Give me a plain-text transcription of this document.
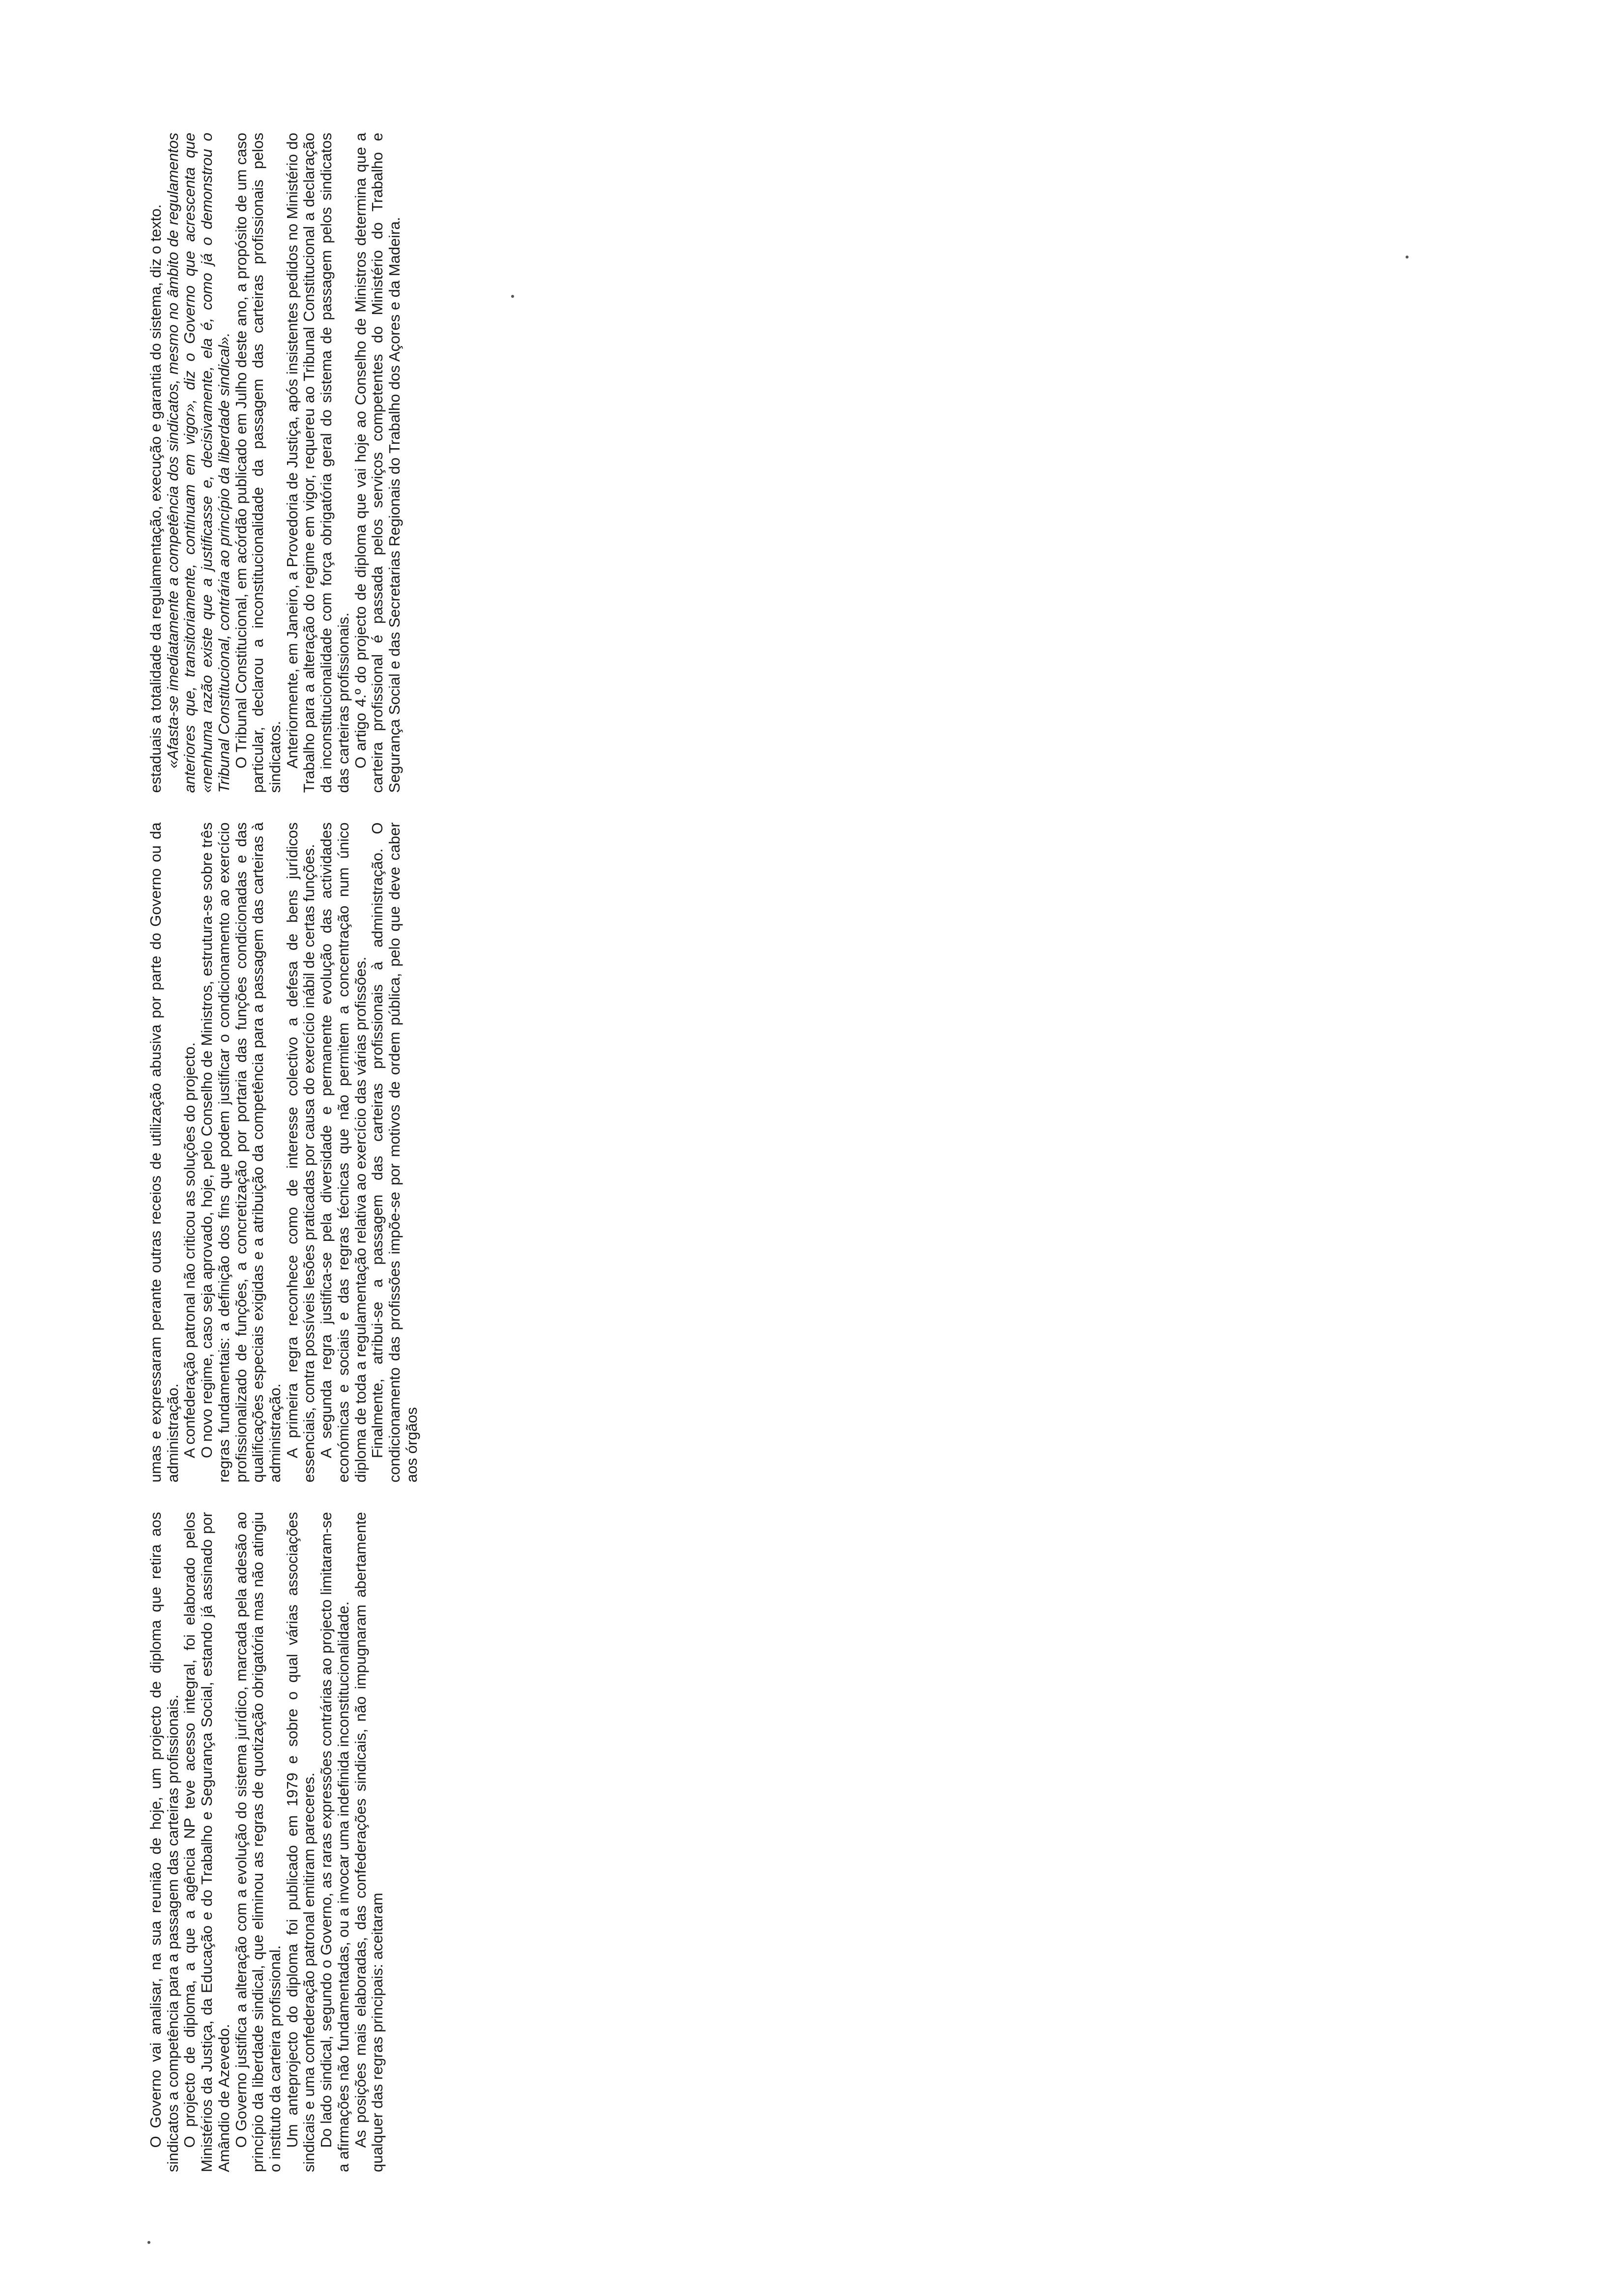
O Governo vai analisar, na sua reunião de hoje, um projecto de diploma que retira aos sindicatos a competência para a passagem das carteiras profissionais. O projecto de diploma, a que a agência NP teve acesso integral, foi elaborado pelos Ministérios da Justiça, da Educação e do Trabalho e Segurança Social, estando já assinado por Amândio de Azevedo. O Governo justifica a alteração com a evolução do sistema jurídico, marcada pela adesão ao princípio da liberdade sindical, que eliminou as regras de quotização obrigatória mas não atingiu o instituto da carteira profissional. Um anteprojecto do diploma foi publicado em 1979 e sobre o qual várias associações sindicais e uma confederação patronal emitiram pareceres. Do lado sindical, segundo o Governo, as raras expressões contrárias ao projecto limitaram-se a afirmações não fundamentadas, ou a invocar uma indefinida inconstitucionalidade. As posições mais elaboradas, das confederações sindicais, não impugnaram abertamente qualquer das regras principais: aceitaram

umas e expressaram perante outras receios de utilização abusiva por parte do Governo ou da administração. A confederação patronal não criticou as soluções do projecto. O novo regime, caso seja aprovado, hoje, pelo Conselho de Ministros, estrutura-se sobre três regras fundamentais: a definição dos fins que podem justificar o condicionamento ao exercício profissionalizado de funções, a concretização por portaria das funções condicionadas e das qualificações especiais exigidas e a atribuição da competência para a passagem das carteiras à administração. A primeira regra reconhece como de interesse colectivo a defesa de bens jurídicos essenciais, contra possíveis lesões praticadas por causa do exercício inábil de certas funções. A segunda regra justifica-se pela diversidade e permanente evolução das actividades económicas e sociais e das regras técnicas que não permitem a concentração num único diploma de toda a regulamentação relativa ao exercício das várias profissões. Finalmente, atribui-se a passagem das carteiras profissionais à administração. O condicionamento das profissões impõe-se por motivos de ordem pública, pelo que deve caber aos órgãos

estaduais a totalidade da regulamentação, execução e garantia do sistema, diz o texto. «Afasta-se imediatamente a competência dos sindicatos, mesmo no âmbito de regulamentos anteriores que, transitoriamente, continuam em vigor», diz o Governo que acrescenta que «nenhuma razão existe que a justificasse e, decisivamente, ela é, como já o demonstrou o Tribunal Constitucional, contrária ao princípio da liberdade sindical». O Tribunal Constitucional, em acórdão publicado em Julho deste ano, a propósito de um caso particular, declarou a inconstitucionalidade da passagem das carteiras profissionais pelos sindicatos. Anteriormente, em Janeiro, a Provedoria de Justiça, após insistentes pedidos no Ministério do Trabalho para a alteração do regime em vigor, requereu ao Tribunal Constitucional a declaração da inconstitucionalidade com força obrigatória geral do sistema de passagem pelos sindicatos das carteiras profissionais. O artigo 4.º do projecto de diploma que vai hoje ao Conselho de Ministros determina que a carteira profissional é passada pelos serviços competentes do Ministério do Trabalho e Segurança Social e das Secretarias Regionais do Trabalho dos Açores e da Madeira.
